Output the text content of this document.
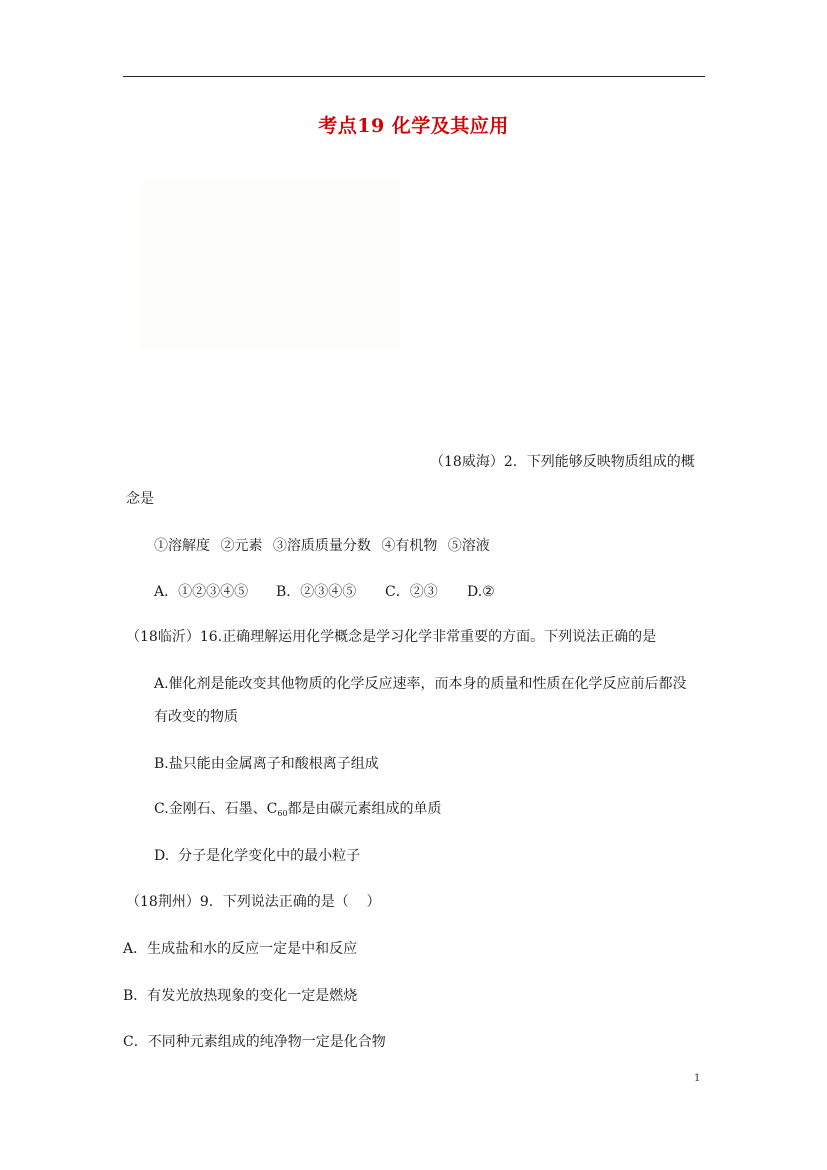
考点19 化学及其应用
（18威海）2．下列能够反映物质组成的概
念是
①溶解度 ②元素 ③溶质质量分数 ④有机物 ⑤溶液
A．①②③④⑤ B．②③④⑤ C．②③ D.②
（18临沂）16.正确理解运用化学概念是学习化学非常重要的方面。下列说法正确的是
A.催化剂是能改变其他物质的化学反应速率，而本身的质量和性质在化学反应前后都没
有改变的物质
B.盐只能由金属离子和酸根离子组成
C.金刚石、石墨、$C_{60}$都是由碳元素组成的单质
D.  分子是化学变化中的最小粒子
（18荆州）9．下列说法正确的是（    ）
A．生成盐和水的反应一定是中和反应
B．有发光放热现象的变化一定是燃烧
C．不同种元素组成的纯净物一定是化合物
1
